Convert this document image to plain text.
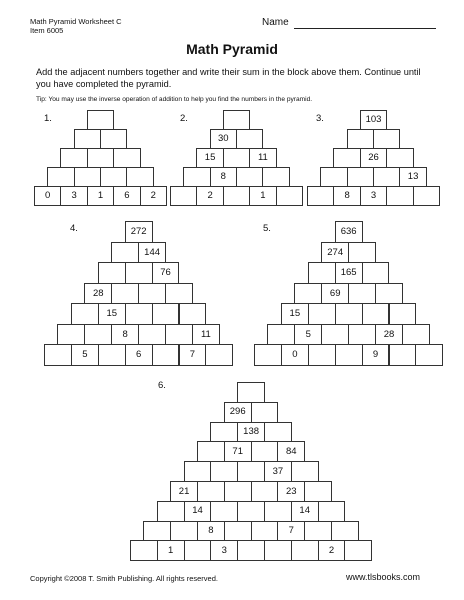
Math Pyramid Worksheet C
Item 6005
Name
Math Pyramid
Add the adjacent numbers together and write their sum in the block above them. Continue until you have completed the pyramid.
Tip: You may use the inverse operation of addition to help you find the numbers in the pyramid.
1.
0	3	1	6	2
2.
30
15	11
8
2	1
3.	103
26
13
8	3
4.	272
144
76
28
15
8	11
5	6	7
5.	636
274
165
69
15
5	28
0	9
6.
296
138
71	84
37
21	23
14	14
8	7
1	3	2
Copyright ©2008 T. Smith Publishing. All rights reserved.	www.tlsbooks.com
